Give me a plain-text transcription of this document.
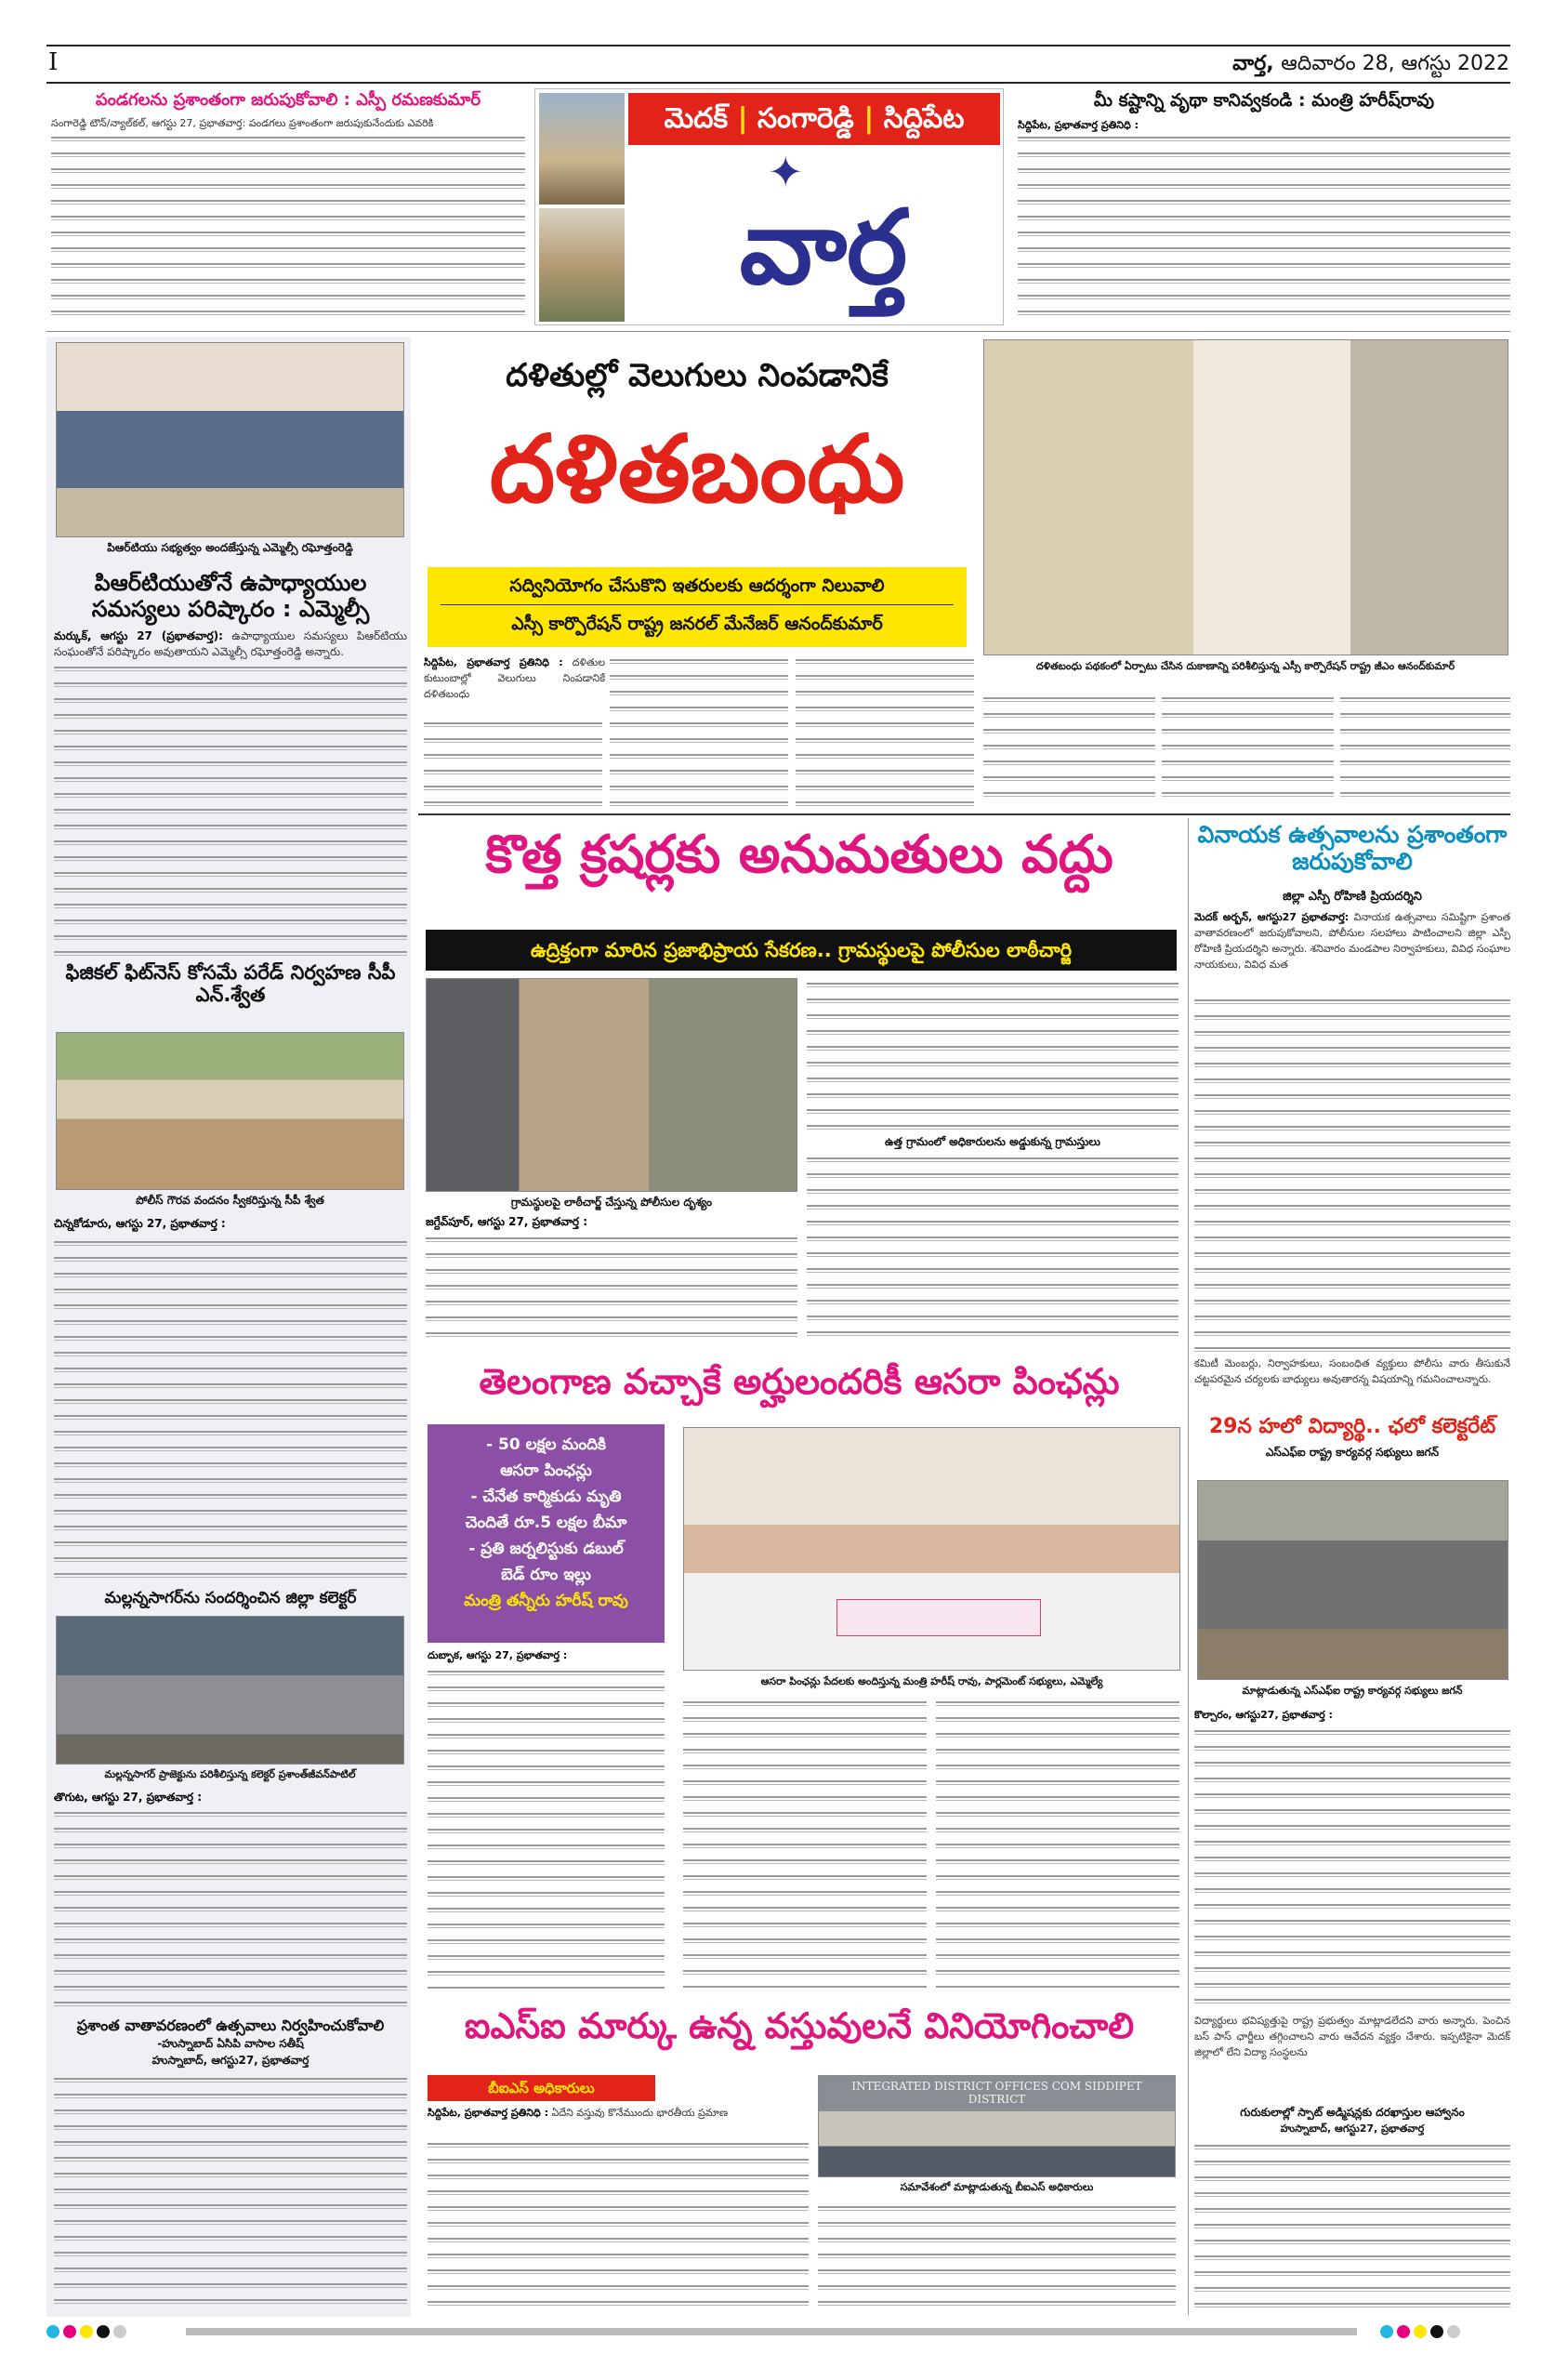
I	వార్త, ఆదివారం 28, ఆగస్టు 2022
పండగలను ప్రశాంతంగా జరుపుకోవాలి : ఎస్పీ రమణకుమార్
సంగారెడ్డి టౌన్/న్యాల్‌కల్, ఆగస్టు 27, ప్రభాతవార్త: పండగలు ప్రశాంతంగా జరుపుకునేందుకు ఎవరికి	మెదక్ | సంగారెడ్డి | సిద్దిపేట
✦
వార్త
మీ కష్టాన్ని వృథా కానివ్వకండి : మంత్రి హరీష్‌రావు
సిద్దిపేట, ప్రభాతవార్త ప్రతినిధి :
పిఆర్‌టియు సభ్యత్వం అందజేస్తున్న ఎమ్మెల్సీ రఘోత్తంరెడ్డి
పిఆర్‌టియుతోనే ఉపాధ్యాయుల సమస్యలు పరిష్కారం : ఎమ్మెల్సీ
మర్కుక్, ఆగస్టు 27 (ప్రభాతవార్త): ఉపాధ్యాయుల సమస్యలు పిఆర్‌టియు సంఘంతోనే పరిష్కారం అవుతాయని ఎమ్మెల్సీ రఘోత్తంరెడ్డి అన్నారు.
ఫిజికల్ ఫిట్‌నెస్ కోసమే పరేడ్ నిర్వహణ సీపీ ఎన్.శ్వేత
పోలీస్ గౌరవ వందనం స్వీకరిస్తున్న సీపీ శ్వేత
చిన్నకోడూరు, ఆగస్టు 27, ప్రభాతవార్త :
మల్లన్నసాగర్‌ను సందర్శించిన జిల్లా కలెక్టర్
మల్లన్నసాగర్ ప్రాజెక్టును పరిశీలిస్తున్న కలెక్టర్ ప్రశాంత్‌జీవన్‌పాటిల్
తొగుట, ఆగస్టు 27, ప్రభాతవార్త :
ప్రశాంత వాతావరణంలో ఉత్సవాలు నిర్వహించుకోవాలి
-హుస్నాబాద్ ఏసిపి వాసాల సతీష్
హుస్నాబాద్, ఆగస్టు27, ప్రభాతవార్త
దళితుల్లో వెలుగులు నింపడానికే
దళితబంధు
సద్వినియోగం చేసుకొని ఇతరులకు ఆదర్శంగా నిలువాలి
ఎస్సీ కార్పొరేషన్ రాష్ట్ర జనరల్ మేనేజర్ ఆనంద్‌కుమార్
సిద్దిపేట, ప్రభాతవార్త ప్రతినిధి : దళితుల కుటుంబాల్లో వెలుగులు నింపడానికే దళితబంధు
దళితబంధు పథకంలో ఏర్పాటు చేసిన దుకాణాన్ని పరిశీలిస్తున్న ఎస్సీ కార్పొరేషన్ రాష్ట్ర జీఎం ఆనంద్‌కుమార్
కొత్త క్రషర్లకు అనుమతులు వద్దు
ఉద్రిక్తంగా మారిన ప్రజాభిప్రాయ సేకరణ.. గ్రామస్థులపై పోలీసుల లాఠీచార్జి
గ్రామస్థులపై లాఠీచార్జ్ చేస్తున్న పోలీసుల దృశ్యం
ఉత్త గ్రామంలో అధికారులను అడ్డుకున్న గ్రామస్తులు
జగ్దేవ్‌పూర్, ఆగస్టు 27, ప్రభాతవార్త :
వినాయక ఉత్సవాలను ప్రశాంతంగా జరుపుకోవాలి
జిల్లా ఎస్పీ రోహిణి ప్రియదర్శిని
మెదక్ అర్బన్, ఆగస్టు27 ప్రభాతవార్త: వినాయక ఉత్సవాలు సమిష్టిగా ప్రశాంత వాతావరణంలో జరుపుకోవాలని, పోలీసుల సలహాలు పాటించాలని జిల్లా ఎస్పీ రోహిణి ప్రియదర్శిని అన్నారు. శనివారం మండపాల నిర్వాహకులు, వివిధ సంఘాల నాయకులు, వివిధ మత
కమిటీ మెంబర్లు, నిర్వాహకులు, సంబంధిత వ్యక్తులు పోలీసు వారు తీసుకునే చట్టపరమైన చర్యలకు బాధ్యులు అవుతారన్న విషయాన్ని గమనించాలన్నారు.
తెలంగాణ వచ్చాకే అర్హులందరికీ ఆసరా పింఛన్లు
- 50 లక్షల మందికి
ఆసరా పింఛన్లు
- చేనేత కార్మికుడు మృతి
చెందితే రూ.5 లక్షల బీమా
- ప్రతి జర్నలిస్టుకు డబుల్
బెడ్ రూం ఇల్లు
మంత్రి తన్నీరు హరీష్ రావు
దుబ్బాక, ఆగస్టు 27, ప్రభాతవార్త :
ఆసరా పింఛన్లు పేదలకు అందిస్తున్న మంత్రి హరీష్ రావు, పార్లమెంట్ సభ్యులు, ఎమ్మెల్యే
29న హలో విద్యార్థి.. ఛలో కలెక్టరేట్
ఎస్‌ఎఫ్‌ఐ రాష్ట్ర కార్యవర్గ సభ్యులు జగన్
మాట్లాడుతున్న ఎస్‌ఎఫ్‌ఐ రాష్ట్ర కార్యవర్గ సభ్యులు జగన్
కొల్చారం, ఆగస్టు27, ప్రభాతవార్త :
విద్యార్థులు భవిష్యత్తుపై రాష్ట్ర ప్రభుత్వం మాట్లాడలేదని వారు అన్నారు. పెంచిన బస్ పాస్ ఛార్జీలు తగ్గించాలని వారు ఆవేదన వ్యక్తం చేశారు. ఇప్పటికైనా మెదక్ జిల్లాలో లేని విద్యా సంస్థలను
గురుకులాల్లో స్పాట్ అడ్మిషన్లకు దరఖాస్తుల ఆహ్వానం
హుస్నాబాద్, ఆగస్టు27, ప్రభాతవార్త
ఐఎస్ఐ మార్కు ఉన్న వస్తువులనే వినియోగించాలి
బీఐఎస్ అధికారులు
సిద్దిపేట, ప్రభాతవార్త ప్రతినిధి : ఏదేని వస్తువు కొనేముందు భారతీయ ప్రమాణ
INTEGRATED DISTRICT OFFICES COM SIDDIPET DISTRICT
సమావేశంలో మాట్లాడుతున్న బీఐఎస్ అధికారులు
